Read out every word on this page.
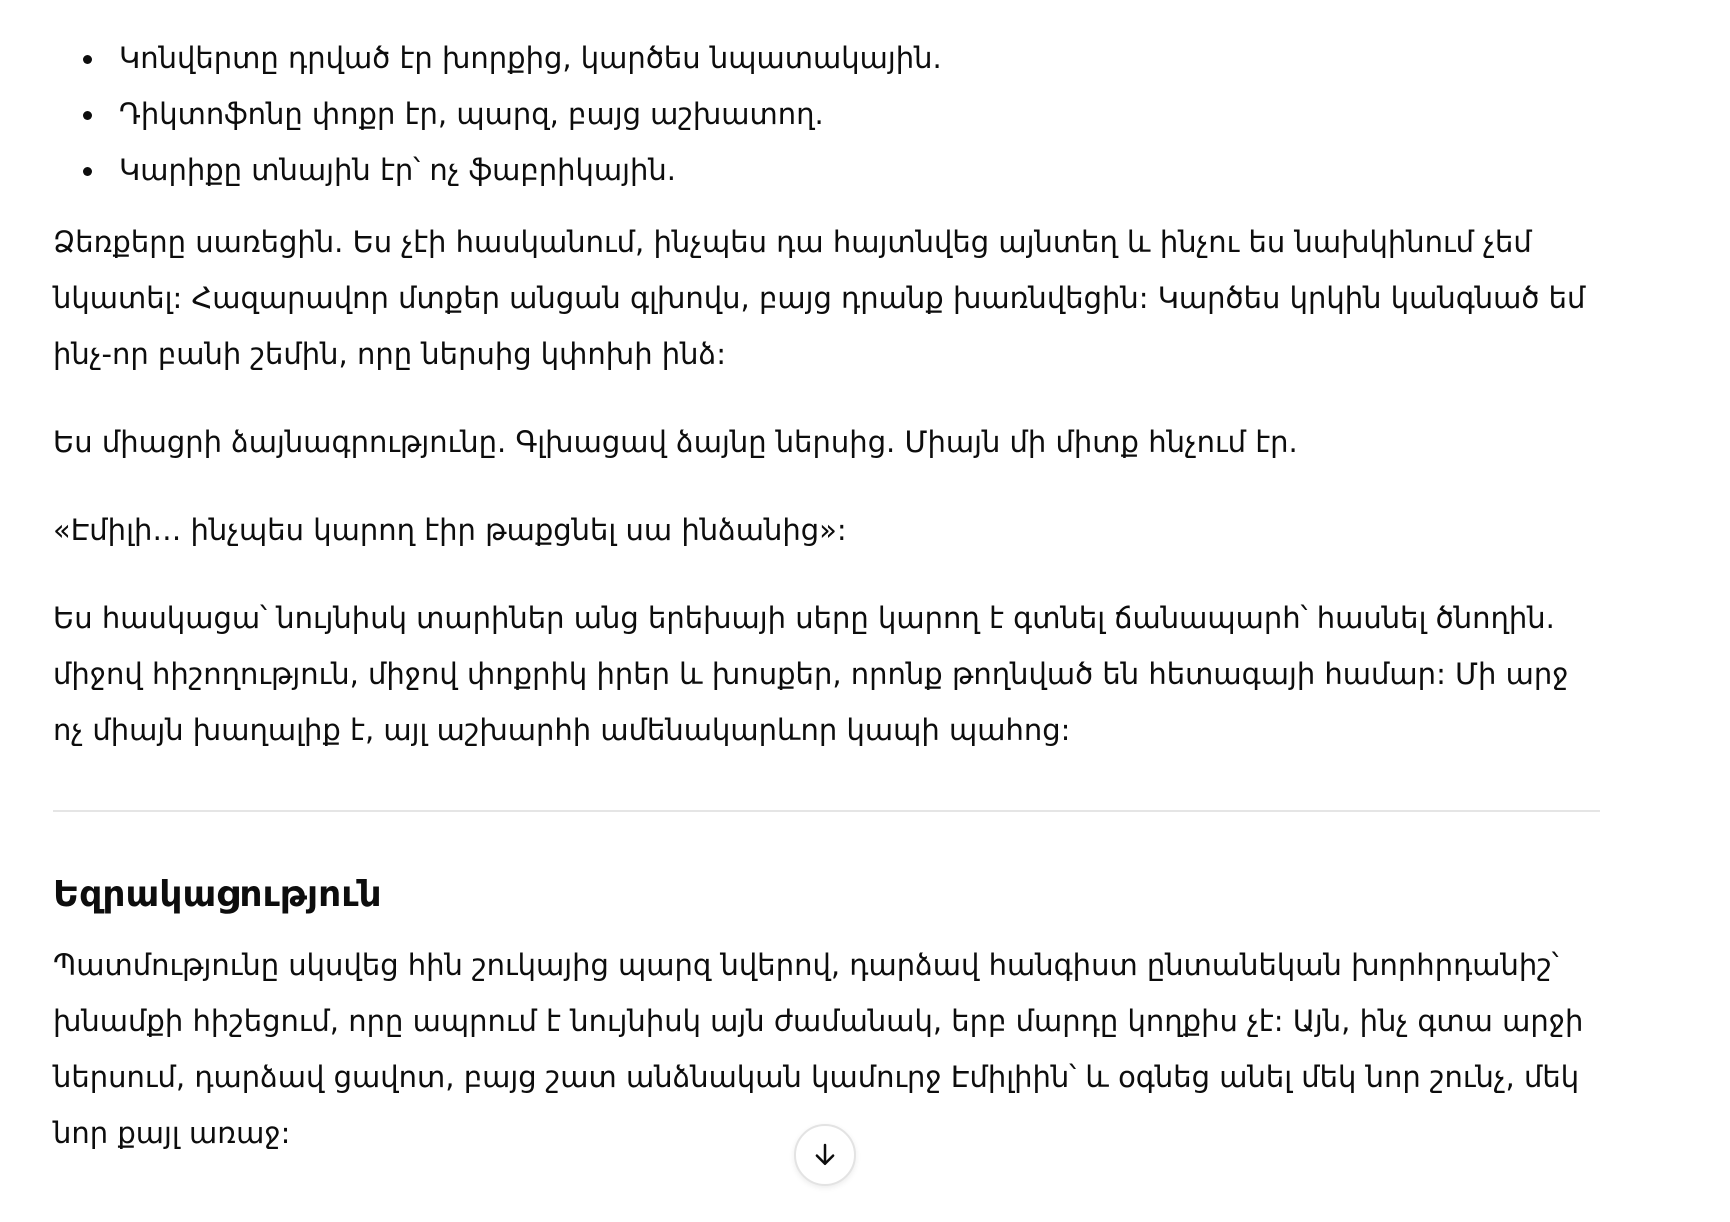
Կոնվերտը դրված էր խորքից, կարծես նպատակային.
Դիկտոֆոնը փոքր էր, պարզ, բայց աշխատող.
Կարիքը տնային էր՝ ոչ ֆաբրիկային.

Ձեռքերը սառեցին. Ես չէի հասկանում, ինչպես դա հայտնվեց այնտեղ և ինչու ես նախկինում չեմ նկատել: Հազարավոր մտքեր անցան գլխովս, բայց դրանք խառնվեցին: Կարծես կրկին կանգնած եմ ինչ-որ բանի շեմին, որը ներսից կփոխի ինձ:

Ես միացրի ձայնագրությունը. Գլխացավ ձայնը ներսից. Միայն մի միտք հնչում էր.

«Էմիլի… ինչպես կարող էիր թաքցնել սա ինձանից»:

Ես հասկացա՝ նույնիսկ տարիներ անց երեխայի սերը կարող է գտնել ճանապարհ՝ հասնել ծնողին. միջով հիշողություն, միջով փոքրիկ իրեր և խոսքեր, որոնք թողնված են հետագայի համար: Մի արջ ոչ միայն խաղալիք է, այլ աշխարհի ամենակարևոր կապի պահոց:

Եզրակացություն

Պատմությունը սկսվեց հին շուկայից պարզ նվերով, դարձավ հանգիստ ընտանեկան խորհրդանիշ՝ խնամքի հիշեցում, որը ապրում է նույնիսկ այն ժամանակ, երբ մարդը կողքիս չէ: Այն, ինչ գտա արջի ներսում, դարձավ ցավոտ, բայց շատ անձնական կամուրջ Էմիլիին՝ և օգնեց անել մեկ նոր շունչ, մեկ նոր քայլ առաջ:
